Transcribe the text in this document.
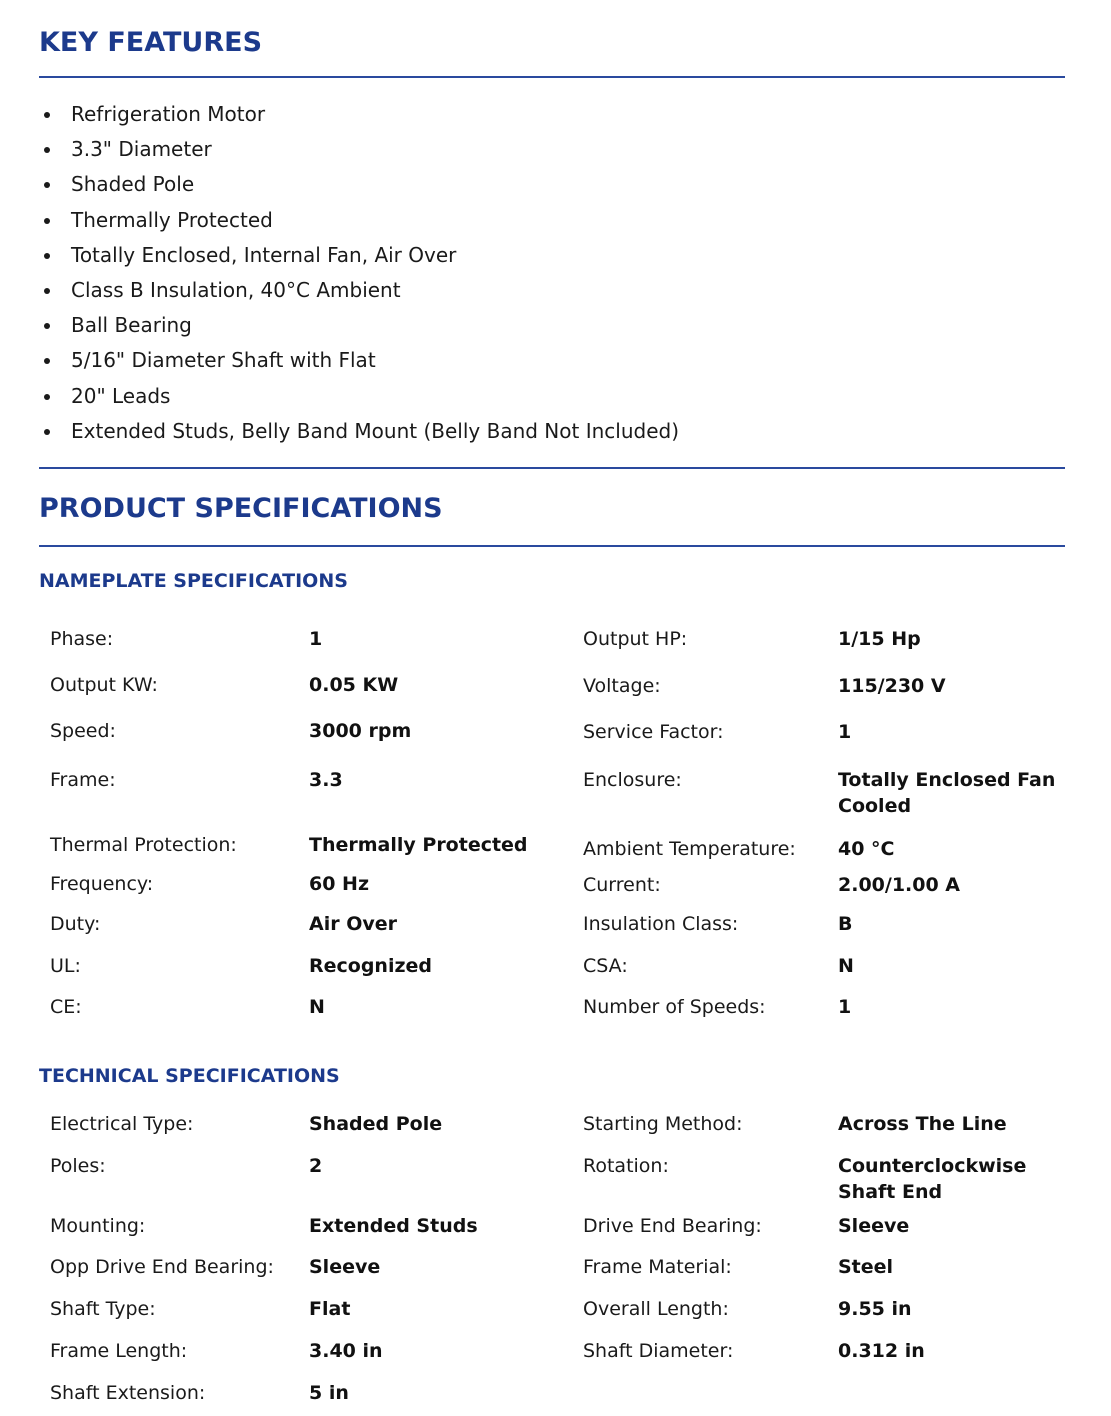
KEY FEATURES
Refrigeration Motor
3.3" Diameter
Shaded Pole
Thermally Protected
Totally Enclosed, Internal Fan, Air Over
Class B Insulation, 40°C Ambient
Ball Bearing
5/16" Diameter Shaft with Flat
20" Leads
Extended Studs, Belly Band Mount (Belly Band Not Included)
PRODUCT SPECIFICATIONS
NAMEPLATE SPECIFICATIONS
Phase:	1	Output HP:	1/15 Hp
Output KW:	0.05 KW	Voltage:	115/230 V
Speed:	3000 rpm	Service Factor:	1
Frame:	3.3	Enclosure:	Totally Enclosed Fan Cooled
Thermal Protection:	Thermally Protected	Ambient Temperature: 40 °C
Frequency:	60 Hz	Current:	2.00/1.00 A
Duty:	Air Over	Insulation Class:	B
UL:	Recognized	CSA:	N
CE:	N	Number of Speeds:	1
TECHNICAL SPECIFICATIONS
Electrical Type:	Shaded Pole	Starting Method:	Across The Line
Poles:	2	Rotation:	Counterclockwise Shaft End
Mounting:	Extended Studs	Drive End Bearing:	Sleeve
Opp Drive End Bearing: Sleeve	Frame Material:	Steel
Shaft Type:	Flat	Overall Length:	9.55 in
Frame Length:	3.40 in	Shaft Diameter:	0.312 in
Shaft Extension:	5 in
